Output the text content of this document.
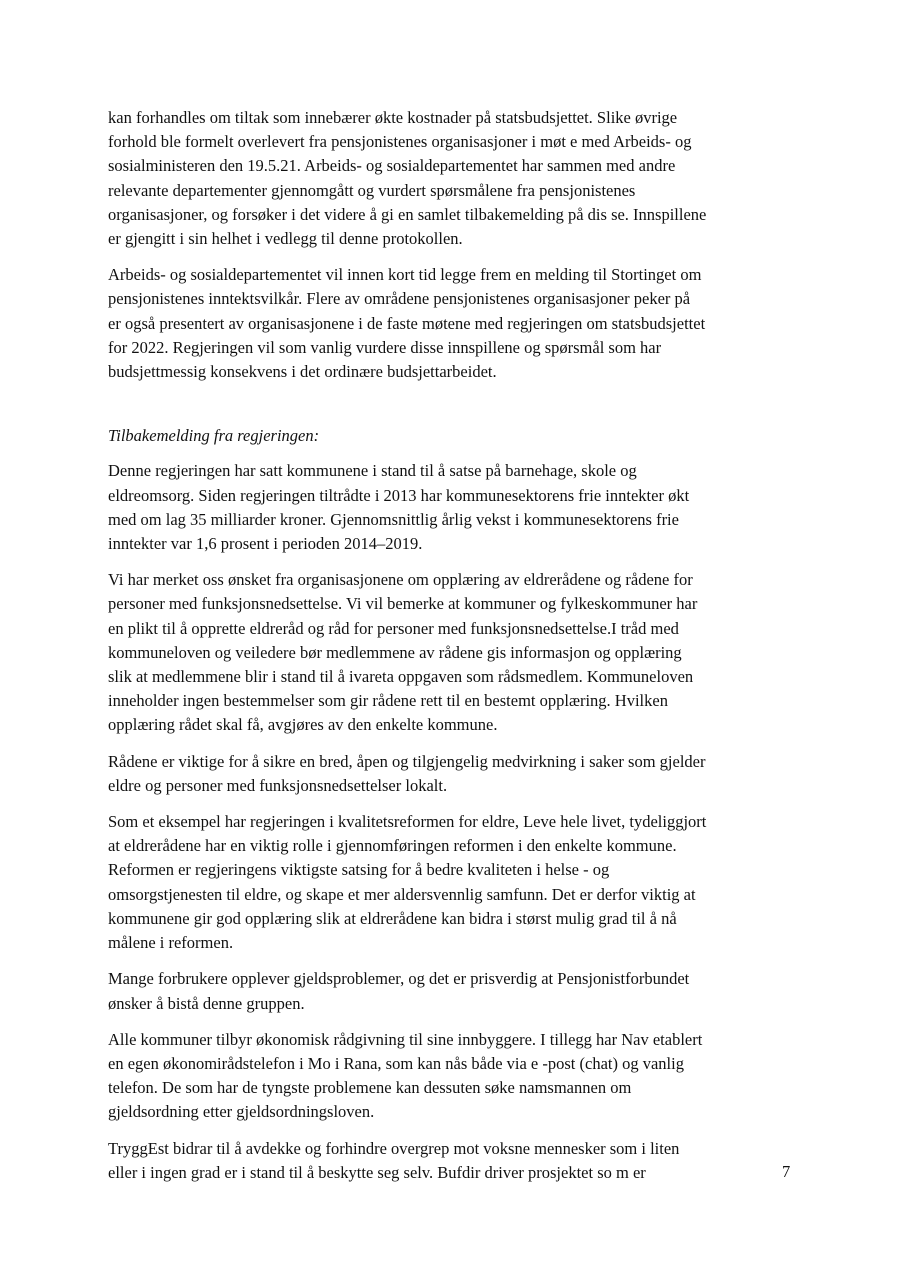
kan forhandles om tiltak som innebærer økte kostnader på statsbudsjettet. Slike øvrige
forhold ble formelt overlevert fra pensjonistenes organisasjoner i møt e med Arbeids- og
sosialministeren den 19.5.21. Arbeids- og sosialdepartementet har sammen med andre
relevante departementer gjennomgått og vurdert spørsmålene fra pensjonistenes
organisasjoner, og forsøker i det videre å gi en samlet tilbakemelding på dis se. Innspillene
er gjengitt i sin helhet i vedlegg til denne protokollen.
Arbeids- og sosialdepartementet vil innen kort tid legge frem en melding til Stortinget om
pensjonistenes inntektsvilkår. Flere av områdene pensjonistenes organisasjoner peker på
er også presentert av organisasjonene i de faste møtene med regjeringen om statsbudsjettet
for 2022. Regjeringen vil som vanlig vurdere disse innspillene og spørsmål som har
budsjettmessig konsekvens i det ordinære budsjettarbeidet.
Tilbakemelding fra regjeringen:
Denne regjeringen har satt kommunene i stand til å satse på barnehage, skole og
eldreomsorg. Siden regjeringen tiltrådte i 2013 har kommunesektorens frie inntekter økt
med om lag 35 milliarder kroner. Gjennomsnittlig årlig vekst i kommunesektorens frie
inntekter var 1,6 prosent i perioden 2014–2019.
Vi har merket oss ønsket fra organisasjonene om opplæring av eldrerådene og rådene for
personer med funksjonsnedsettelse. Vi vil bemerke at kommuner og fylkeskommuner har
en plikt til å opprette eldreråd og råd for personer med funksjonsnedsettelse.I tråd med
kommuneloven og veiledere bør medlemmene av rådene gis informasjon og opplæring
slik at medlemmene blir i stand til å ivareta oppgaven som rådsmedlem. Kommuneloven
inneholder ingen bestemmelser som gir rådene rett til en bestemt opplæring. Hvilken
opplæring rådet skal få, avgjøres av den enkelte kommune.
Rådene er viktige for å sikre en bred, åpen og tilgjengelig medvirkning i saker som gjelder
eldre og personer med funksjonsnedsettelser lokalt.
Som et eksempel har regjeringen i kvalitetsreformen for eldre, Leve hele livet, tydeliggjort
at eldrerådene har en viktig rolle i gjennomføringen reformen i den enkelte kommune.
Reformen er regjeringens viktigste satsing for å bedre kvaliteten i helse - og
omsorgstjenesten til eldre, og skape et mer aldersvennlig samfunn. Det er derfor viktig at
kommunene gir god opplæring slik at eldrerådene kan bidra i størst mulig grad til å nå
målene i reformen.
Mange forbrukere opplever gjeldsproblemer, og det er prisverdig at Pensjonistforbundet
ønsker å bistå denne gruppen.
Alle kommuner tilbyr økonomisk rådgivning til sine innbyggere. I tillegg har Nav etablert
en egen økonomirådstelefon i Mo i Rana, som kan nås både via e -post (chat) og vanlig
telefon. De som har de tyngste problemene kan dessuten søke namsmannen om
gjeldsordning etter gjeldsordningsloven.
TryggEst bidrar til å avdekke og forhindre overgrep mot voksne mennesker som i liten
eller i ingen grad er i stand til å beskytte seg selv. Bufdir driver prosjektet so m er	7
